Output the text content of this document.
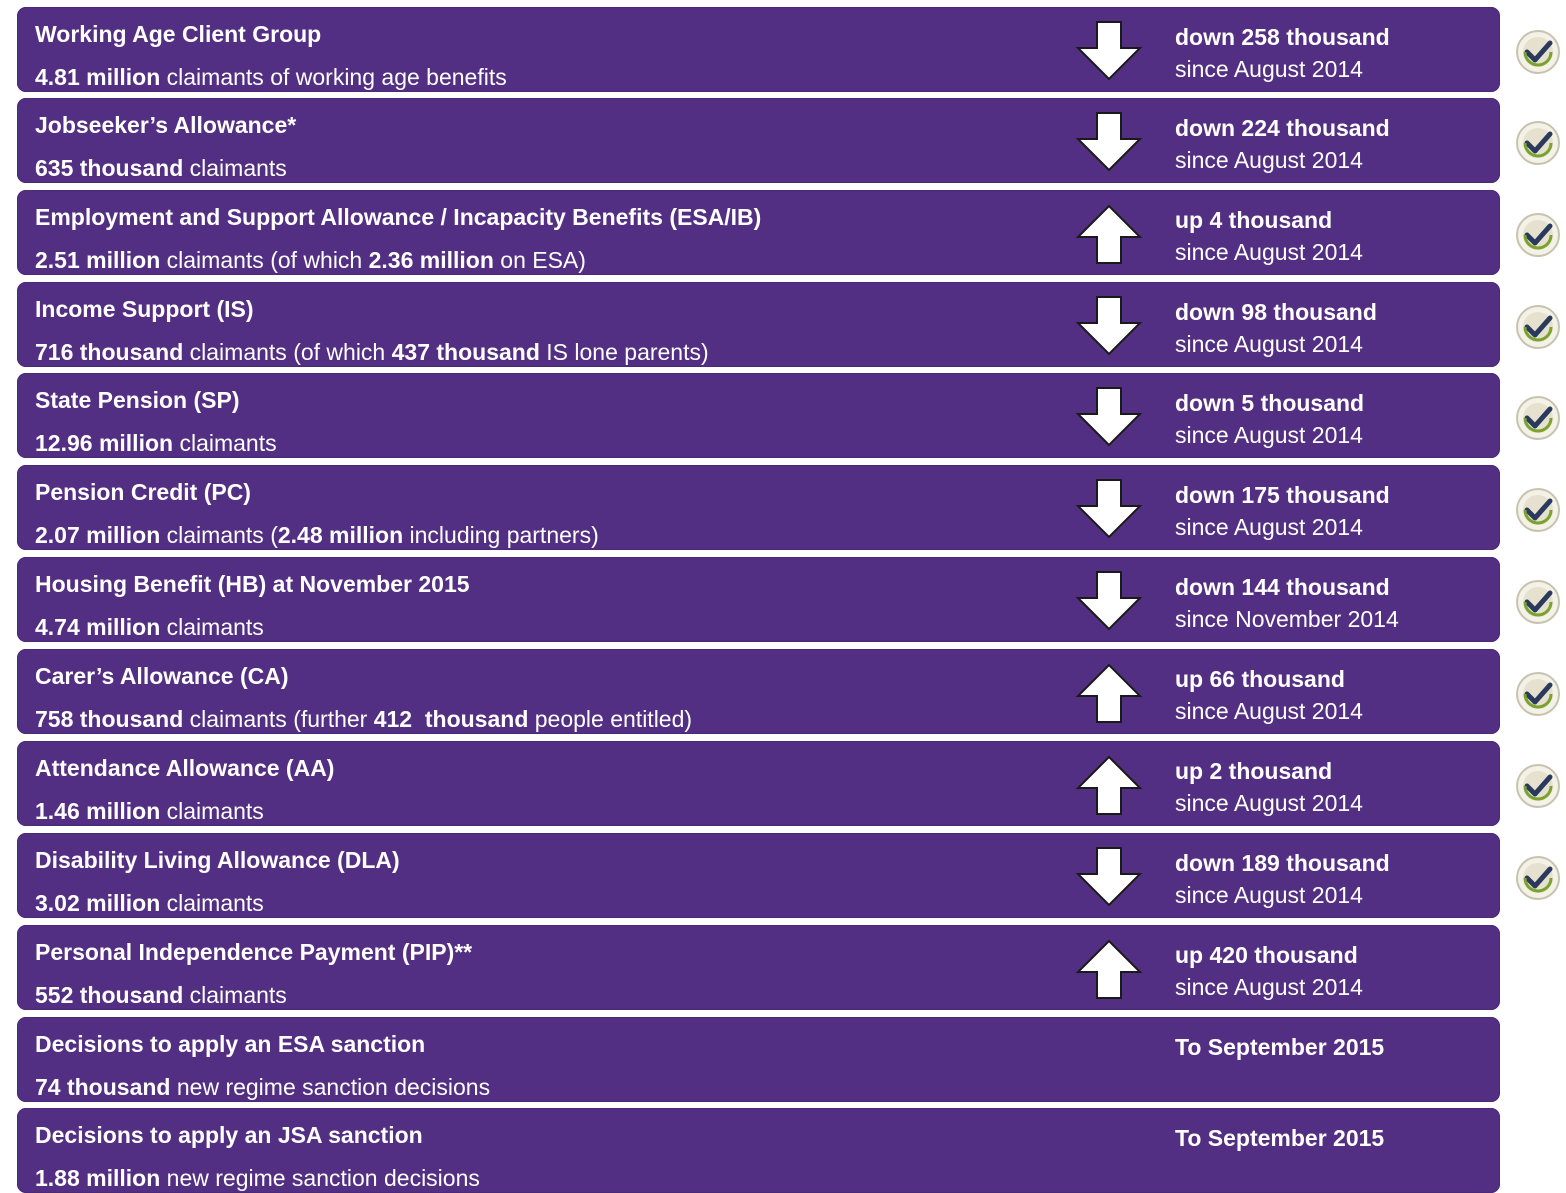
Working Age Client Group
4.81 million claimants of working age benefits
down 258 thousand
since August 2014
Jobseeker’s Allowance*
635 thousand claimants
down 224 thousand
since August 2014
Employment and Support Allowance / Incapacity Benefits (ESA/IB)
2.51 million claimants (of which 2.36 million on ESA)
up 4 thousand
since August 2014
Income Support (IS)
716 thousand claimants (of which 437 thousand IS lone parents)
down 98 thousand
since August 2014
State Pension (SP)
12.96 million claimants
down 5 thousand
since August 2014
Pension Credit (PC)
2.07 million claimants (2.48 million including partners)
down 175 thousand
since August 2014
Housing Benefit (HB) at November 2015
4.74 million claimants
down 144 thousand
since November 2014
Carer’s Allowance (CA)
758 thousand claimants (further 412  thousand people entitled)
up 66 thousand
since August 2014
Attendance Allowance (AA)
1.46 million claimants
up 2 thousand
since August 2014
Disability Living Allowance (DLA)
3.02 million claimants
down 189 thousand
since August 2014
Personal Independence Payment (PIP)**
552 thousand claimants
up 420 thousand
since August 2014
Decisions to apply an ESA sanction
74 thousand new regime sanction decisions
To September 2015
Decisions to apply an JSA sanction
1.88 million new regime sanction decisions
To September 2015
